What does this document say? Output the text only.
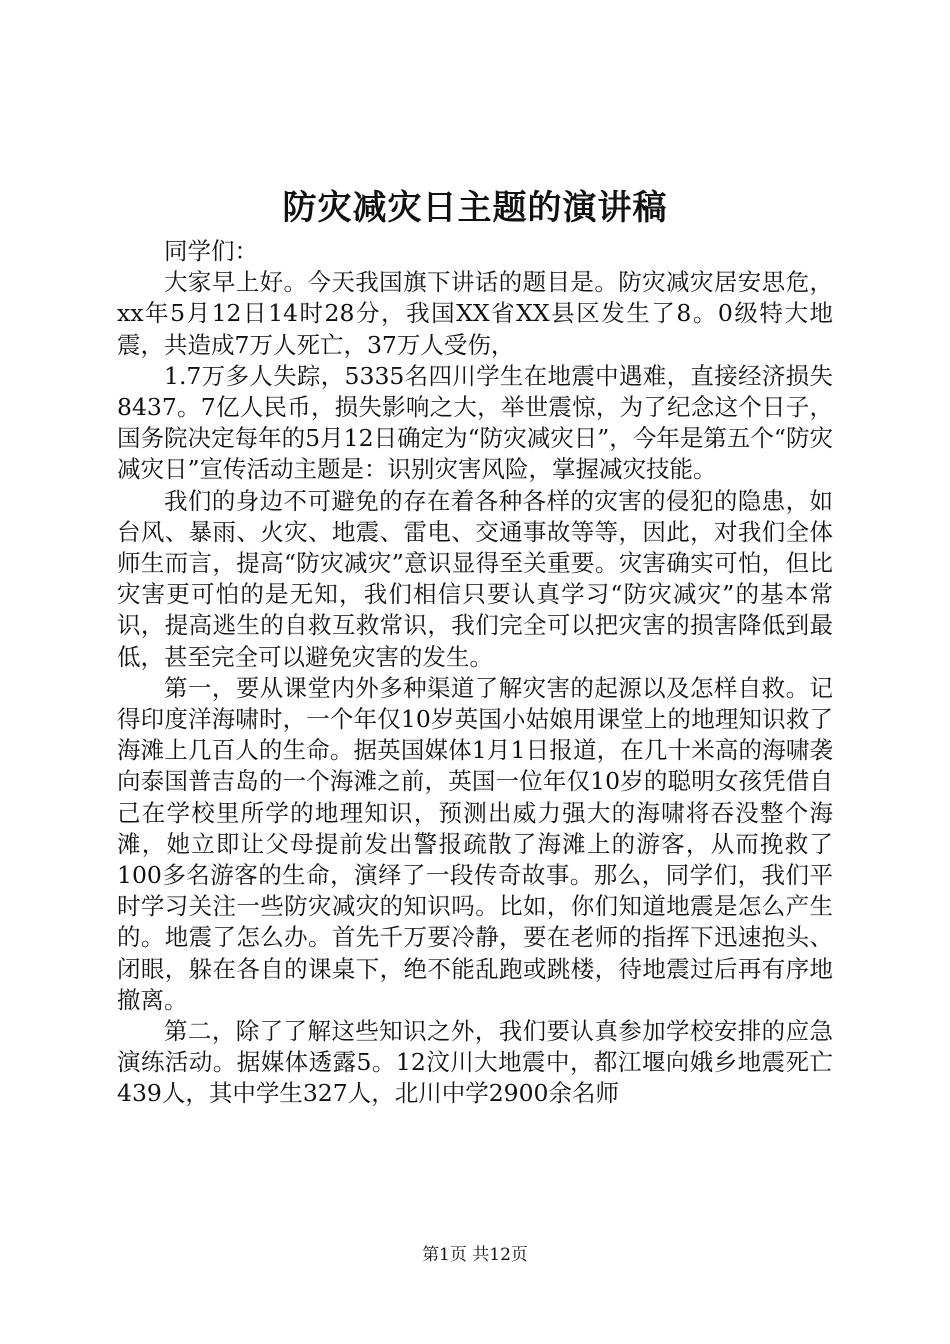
防灾减灾日主题的演讲稿

同学们：

大家早上好。今天我国旗下讲话的题目是。防灾减灾居安思危，xx年5月12日14时28分，我国XX省XX县区发生了8。0级特大地震，共造成7万人死亡，37万人受伤，

1.7万多人失踪，5335名四川学生在地震中遇难，直接经济损失8437。7亿人民币，损失影响之大，举世震惊，为了纪念这个日子，国务院决定每年的5月12日确定为“防灾减灾日”，今年是第五个“防灾减灾日”宣传活动主题是：识别灾害风险，掌握减灾技能。

我们的身边不可避免的存在着各种各样的灾害的侵犯的隐患，如台风、暴雨、火灾、地震、雷电、交通事故等等，因此，对我们全体师生而言，提高“防灾减灾”意识显得至关重要。灾害确实可怕，但比灾害更可怕的是无知，我们相信只要认真学习“防灾减灾”的基本常识，提高逃生的自救互救常识，我们完全可以把灾害的损害降低到最低，甚至完全可以避免灾害的发生。

第一，要从课堂内外多种渠道了解灾害的起源以及怎样自救。记得印度洋海啸时，一个年仅10岁英国小姑娘用课堂上的地理知识救了海滩上几百人的生命。据英国媒体1月1日报道，在几十米高的海啸袭向泰国普吉岛的一个海滩之前，英国一位年仅10岁的聪明女孩凭借自己在学校里所学的地理知识，预测出威力强大的海啸将吞没整个海滩，她立即让父母提前发出警报疏散了海滩上的游客，从而挽救了100多名游客的生命，演绎了一段传奇故事。那么，同学们，我们平时学习关注一些防灾减灾的知识吗。比如，你们知道地震是怎么产生的。地震了怎么办。首先千万要冷静，要在老师的指挥下迅速抱头、闭眼，躲在各自的课桌下，绝不能乱跑或跳楼，待地震过后再有序地撤离。

第二，除了了解这些知识之外，我们要认真参加学校安排的应急演练活动。据媒体透露5。12汶川大地震中，都江堰向娥乡地震死亡439人，其中学生327人，北川中学2900余名师

第1页 共12页
